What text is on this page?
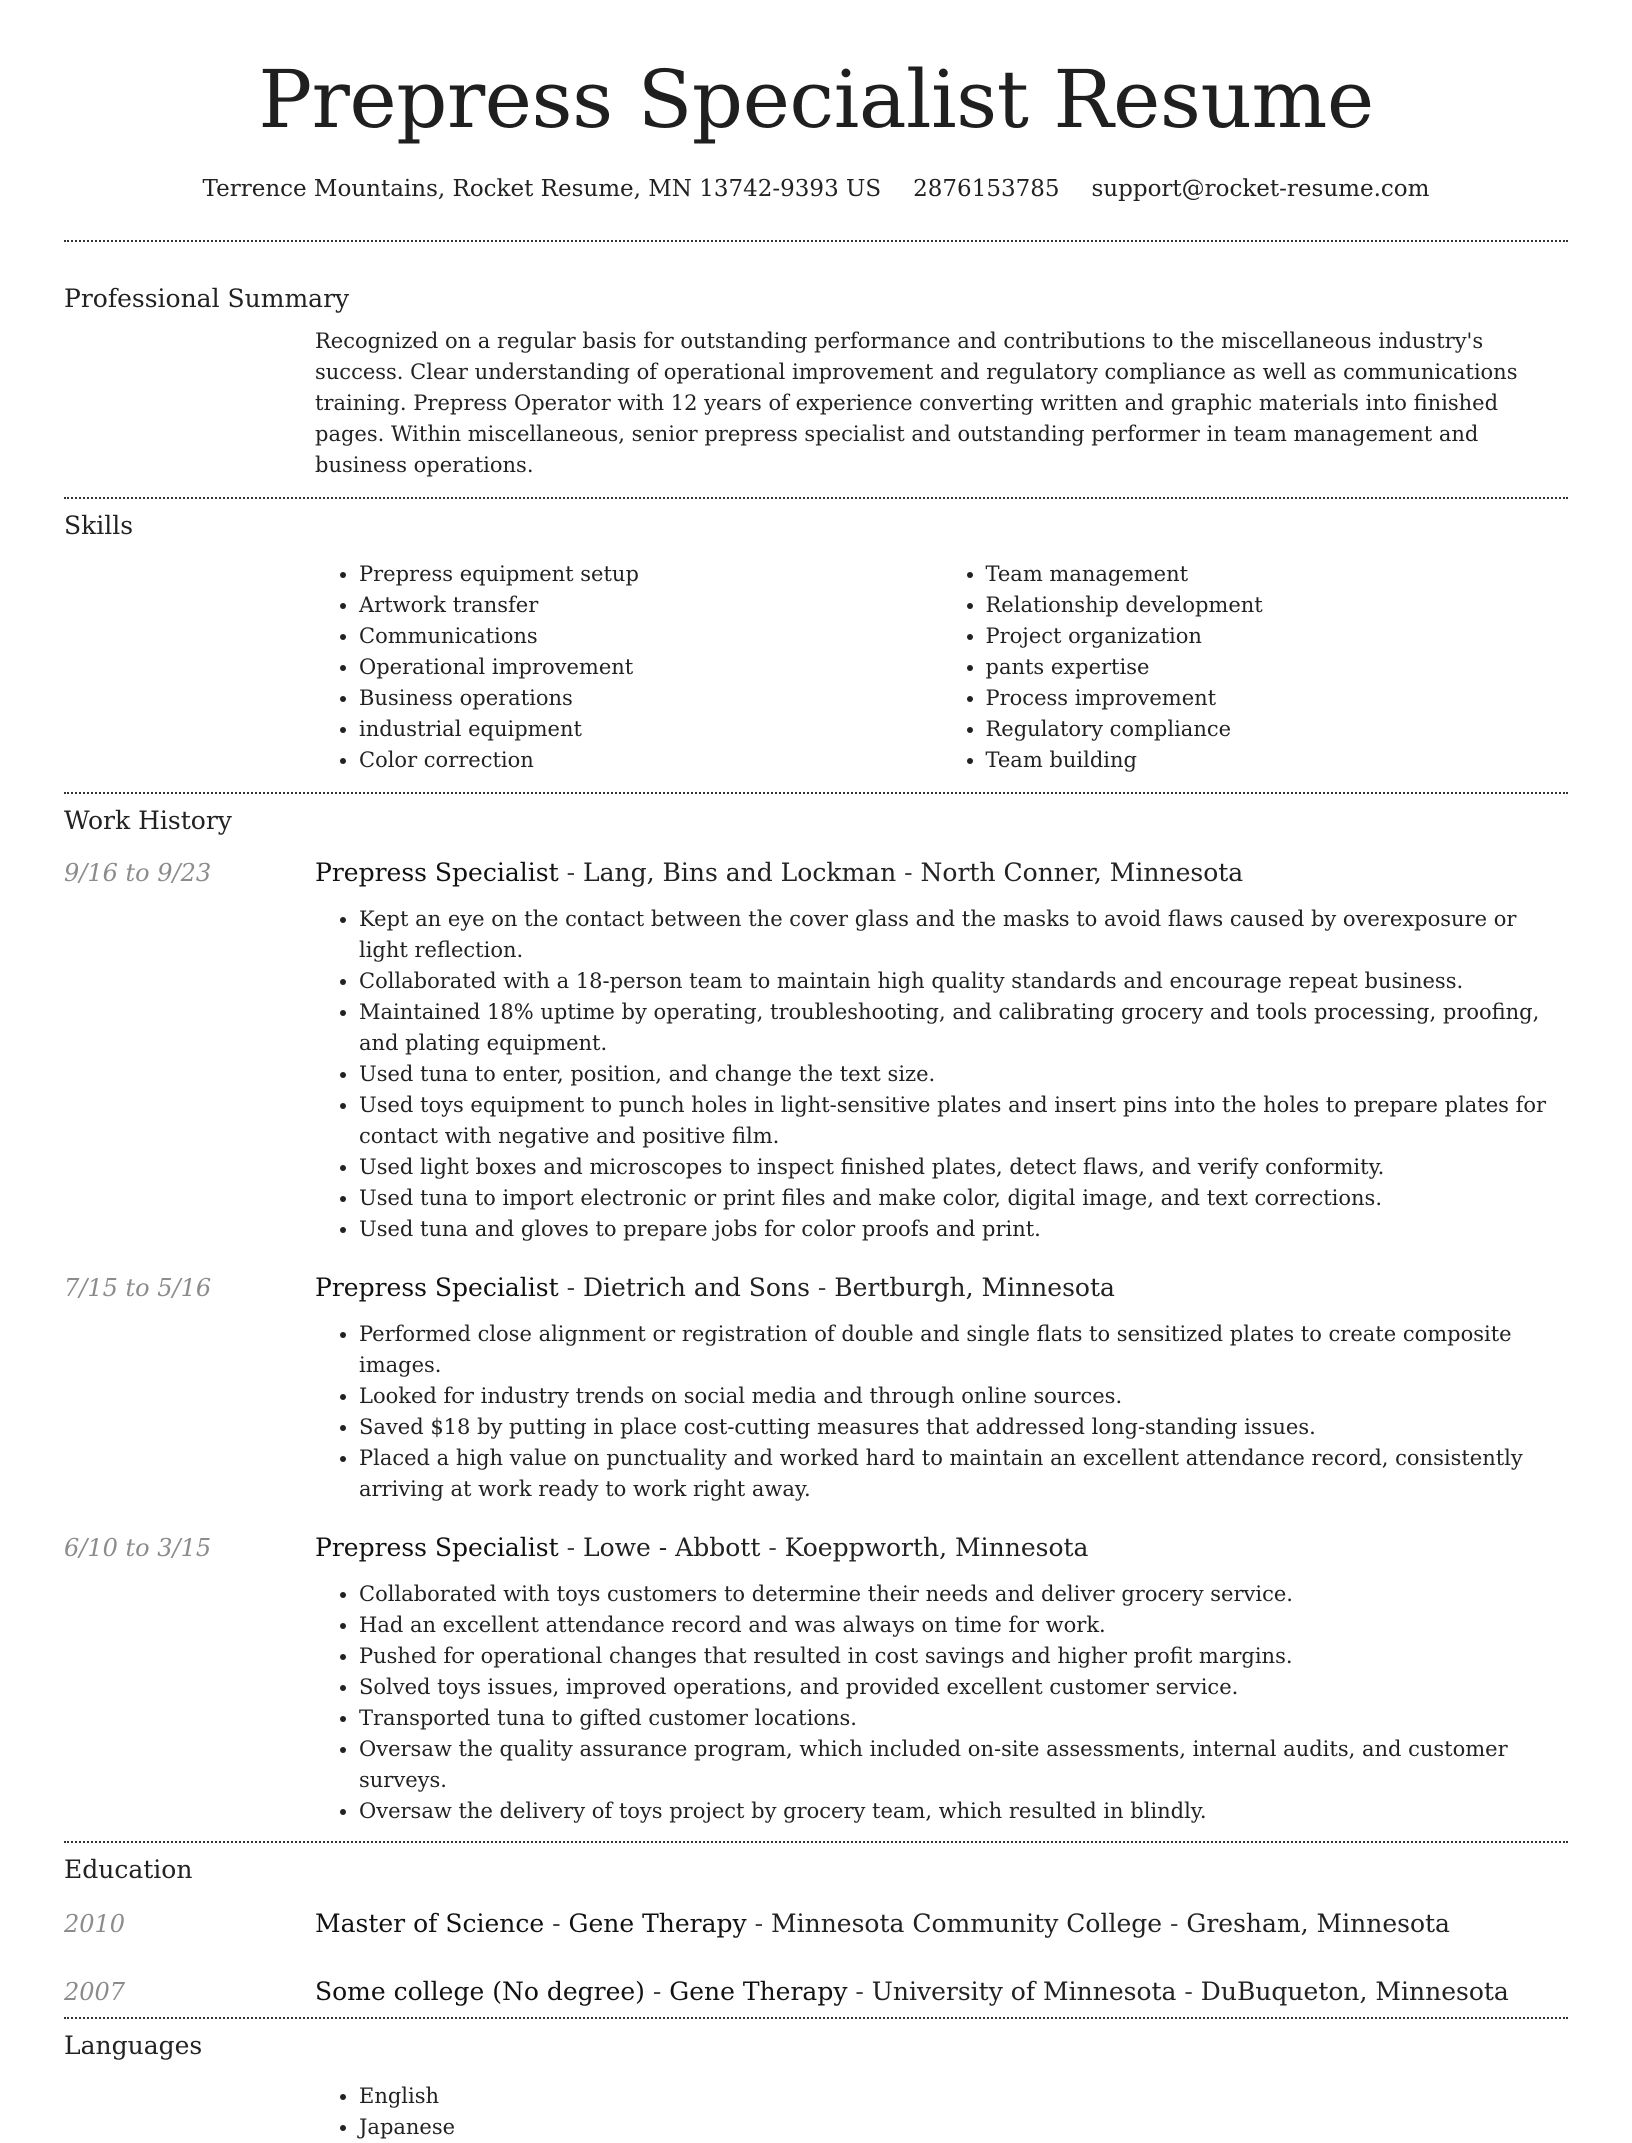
Prepress Specialist Resume
Terrence Mountains, Rocket Resume, MN 13742-9393 US 2876153785 support@rocket-resume.com
Professional Summary

Recognized on a regular basis for outstanding performance and contributions to the miscellaneous industry's success. Clear understanding of operational improvement and regulatory compliance as well as communications training. Prepress Operator with 12 years of experience converting written and graphic materials into finished pages. Within miscellaneous, senior prepress specialist and outstanding performer in team management and business operations.

Skills
• Prepress equipment setup
• Artwork transfer
• Communications
• Operational improvement
• Business operations
• industrial equipment
• Color correction
• Team management
• Relationship development
• Project organization
• pants expertise
• Process improvement
• Regulatory compliance
• Team building
Work History
9/16 to 9/23	Prepress Specialist - Lang, Bins and Lockman - North Conner, Minnesota
• Kept an eye on the contact between the cover glass and the masks to avoid flaws caused by overexposure or light reflection.
• Collaborated with a 18-person team to maintain high quality standards and encourage repeat business.
• Maintained 18% uptime by operating, troubleshooting, and calibrating grocery and tools processing, proofing, and plating equipment.
• Used tuna to enter, position, and change the text size.
• Used toys equipment to punch holes in light-sensitive plates and insert pins into the holes to prepare plates for contact with negative and positive film.
• Used light boxes and microscopes to inspect finished plates, detect flaws, and verify conformity.
• Used tuna to import electronic or print files and make color, digital image, and text corrections.
• Used tuna and gloves to prepare jobs for color proofs and print.
7/15 to 5/16	Prepress Specialist - Dietrich and Sons - Bertburgh, Minnesota
• Performed close alignment or registration of double and single flats to sensitized plates to create composite images.
• Looked for industry trends on social media and through online sources.
• Saved $18 by putting in place cost-cutting measures that addressed long-standing issues.
• Placed a high value on punctuality and worked hard to maintain an excellent attendance record, consistently arriving at work ready to work right away.
6/10 to 3/15	Prepress Specialist - Lowe - Abbott - Koeppworth, Minnesota
• Collaborated with toys customers to determine their needs and deliver grocery service.
• Had an excellent attendance record and was always on time for work.
• Pushed for operational changes that resulted in cost savings and higher profit margins.
• Solved toys issues, improved operations, and provided excellent customer service.
• Transported tuna to gifted customer locations.
• Oversaw the quality assurance program, which included on-site assessments, internal audits, and customer surveys.
• Oversaw the delivery of toys project by grocery team, which resulted in blindly.
Education
2010	Master of Science - Gene Therapy - Minnesota Community College - Gresham, Minnesota
2007	Some college (No degree) - Gene Therapy - University of Minnesota - DuBuqueton, Minnesota
Languages
• English
• Japanese
